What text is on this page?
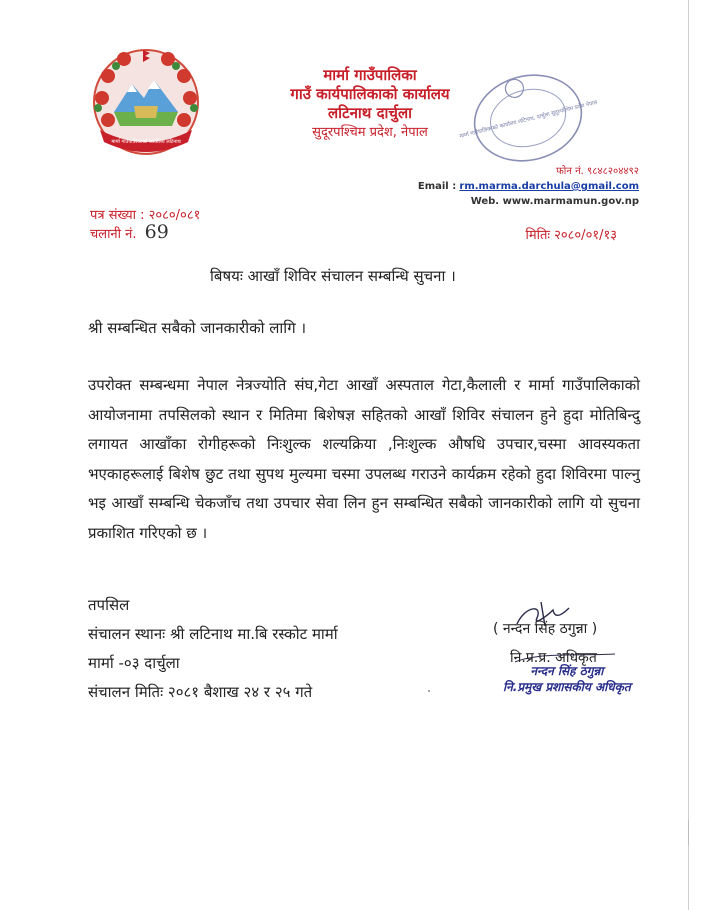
मार्मा गाउँपालिकाको कार्यालय लटिनाथ
मार्मा गाउँपालिका
गाउँ कार्यपालिकाको कार्यालय
लटिनाथ दार्चुला
सुदूरपश्चिम प्रदेश, नेपाल	मार्मा गाउँपालिकाको कार्यालय लटिनाथ, दार्चुला सुदूरपश्चिम प्रदेश नेपाल
फोन नं. ९८४८२०४४९२
Email : rm.marma.darchula@gmail.com
Web. www.marmamun.gov.np
पत्र संख्या : २०८०/०८१
चलानी नं. 69	मितिः २०८०/०१/१३
बिषयः आखाँ शिविर संचालन सम्बन्धि सुचना ।
श्री सम्बन्धित सबैको जानकारीको लागि ।
उपरोक्त सम्बन्धमा नेपाल नेत्रज्योति संघ,गेटा आखाँ अस्पताल गेटा,कैलाली र मार्मा गाउँपालिकाको आयोजनामा तपसिलको स्थान र मितिमा बिशेषज्ञ सहितको आखाँ शिविर संचालन हुने हुदा मोतिबिन्दु लगायत आखाँका रोगीहरूको निःशुल्क शल्यक्रिया ,निःशुल्क औषधि उपचार,चस्मा आवस्यकता भएकाहरूलाई बिशेष छुट तथा सुपथ मुल्यमा चस्मा उपलब्ध गराउने कार्यक्रम रहेको हुदा शिविरमा पाल्नु भइ आखाँ सम्बन्धि चेकजाँच तथा उपचार सेवा लिन हुन सम्बन्धित सबैको जानकारीको लागि यो सुचना प्रकाशित गरिएको छ ।
तपसिल
संचालन स्थानः श्री लटिनाथ मा.बि रस्कोट मार्मा
मार्मा -०३ दार्चुला
संचालन मितिः २०८१ बैशाख २४ र २५ गते
( नन्दन सिंह ठगुन्ना )
नि.प्र.प्र. अधिकृत
नन्दन सिंह ठगुन्ना
नि.प्रमुख प्रशासकीय अधिकृत
